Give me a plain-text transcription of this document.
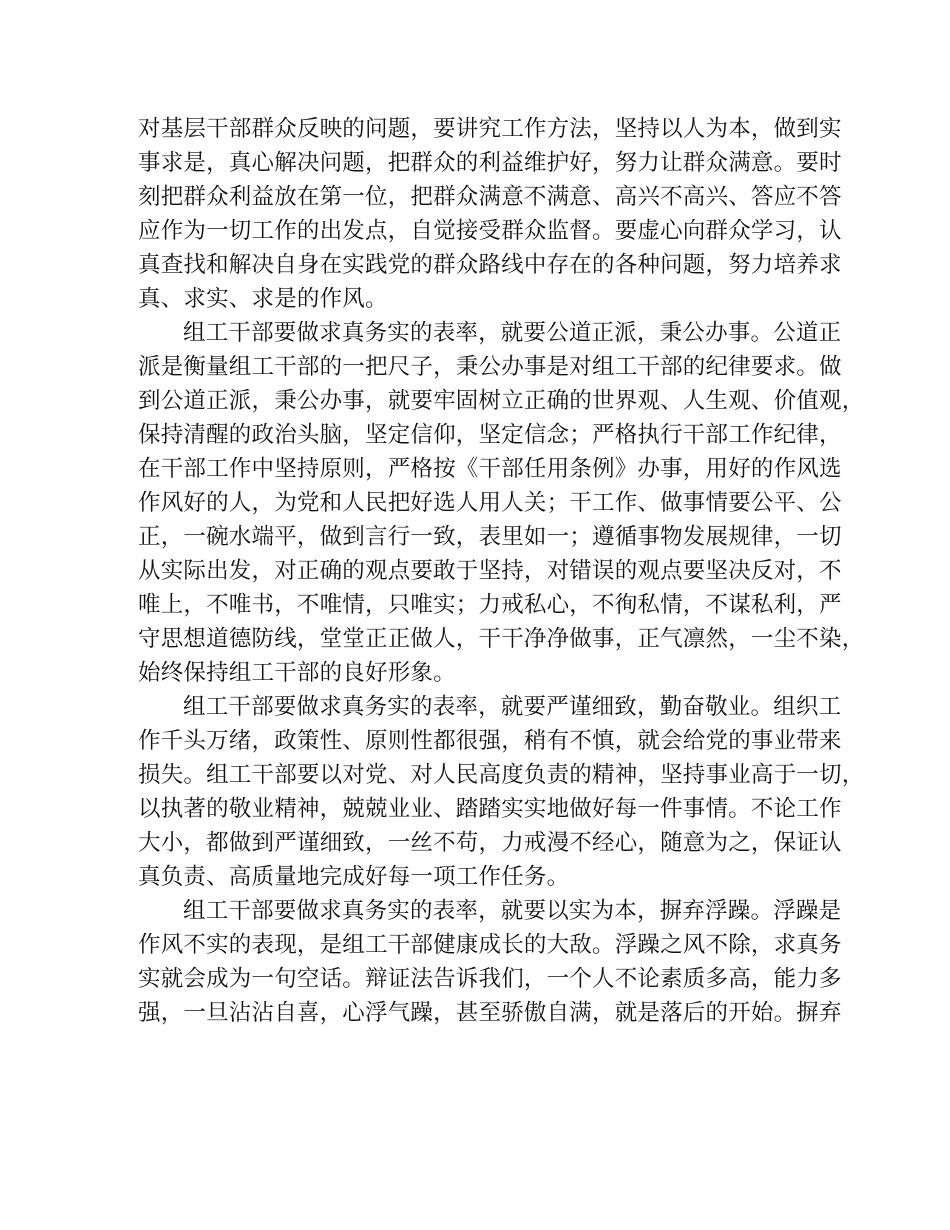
对基层干部群众反映的问题，要讲究工作方法，坚持以人为本，做到实
事求是，真心解决问题，把群众的利益维护好，努力让群众满意。要时
刻把群众利益放在第一位，把群众满意不满意、高兴不高兴、答应不答
应作为一切工作的出发点，自觉接受群众监督。要虚心向群众学习，认
真查找和解决自身在实践党的群众路线中存在的各种问题，努力培养求
真、求实、求是的作风。
组工干部要做求真务实的表率，就要公道正派，秉公办事。公道正
派是衡量组工干部的一把尺子，秉公办事是对组工干部的纪律要求。做
到公道正派，秉公办事，就要牢固树立正确的世界观、人生观、价值观，
保持清醒的政治头脑，坚定信仰，坚定信念；严格执行干部工作纪律，
在干部工作中坚持原则，严格按《干部任用条例》办事，用好的作风选
作风好的人，为党和人民把好选人用人关；干工作、做事情要公平、公
正，一碗水端平，做到言行一致，表里如一；遵循事物发展规律，一切
从实际出发，对正确的观点要敢于坚持，对错误的观点要坚决反对，不
唯上，不唯书，不唯情，只唯实；力戒私心，不徇私情，不谋私利，严
守思想道德防线，堂堂正正做人，干干净净做事，正气凛然，一尘不染，
始终保持组工干部的良好形象。
组工干部要做求真务实的表率，就要严谨细致，勤奋敬业。组织工
作千头万绪，政策性、原则性都很强，稍有不慎，就会给党的事业带来
损失。组工干部要以对党、对人民高度负责的精神，坚持事业高于一切，
以执著的敬业精神，兢兢业业、踏踏实实地做好每一件事情。不论工作
大小，都做到严谨细致，一丝不苟，力戒漫不经心，随意为之，保证认
真负责、高质量地完成好每一项工作任务。
组工干部要做求真务实的表率，就要以实为本，摒弃浮躁。浮躁是
作风不实的表现，是组工干部健康成长的大敌。浮躁之风不除，求真务
实就会成为一句空话。辩证法告诉我们，一个人不论素质多高，能力多
强，一旦沾沾自喜，心浮气躁，甚至骄傲自满，就是落后的开始。摒弃
